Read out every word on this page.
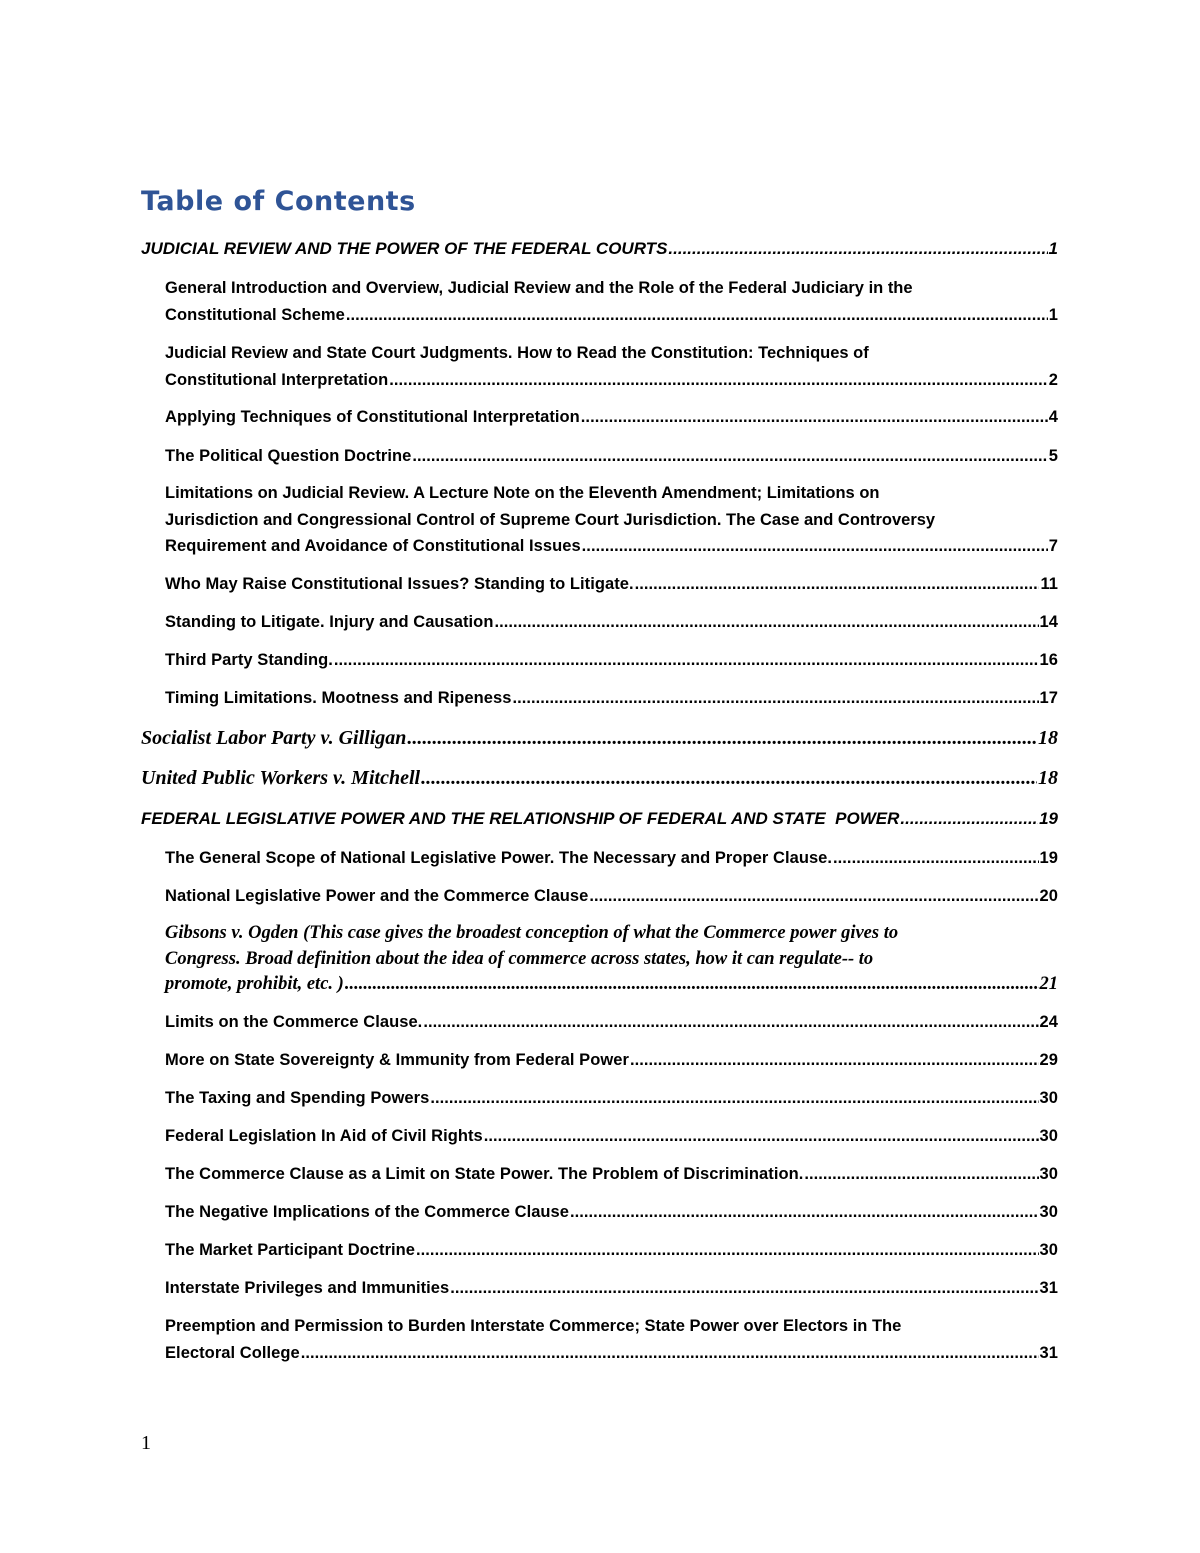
Table of Contents
JUDICIAL REVIEW AND THE POWER OF THE FEDERAL COURTS .....	1
General Introduction and Overview, Judicial Review and the Role of the Federal Judiciary in the
Constitutional Scheme .....	1
Judicial Review and State Court Judgments. How to Read the Constitution: Techniques of
Constitutional Interpretation .....	2
Applying Techniques of Constitutional Interpretation .....	4
The Political Question Doctrine .....	5
Limitations on Judicial Review. A Lecture Note on the Eleventh Amendment; Limitations on
Jurisdiction and Congressional Control of Supreme Court Jurisdiction. The Case and Controversy
Requirement and Avoidance of Constitutional Issues .....	7
Who May Raise Constitutional Issues? Standing to Litigate. .....	11
Standing to Litigate. Injury and Causation .....	14
Third Party Standing. .....	16
Timing Limitations. Mootness and Ripeness .....	17
Socialist Labor Party v. Gilligan .....	18
United Public Workers v. Mitchell .....	18
FEDERAL LEGISLATIVE POWER AND THE RELATIONSHIP OF FEDERAL AND STATE  POWER .....	19
The General Scope of National Legislative Power. The Necessary and Proper Clause. .....	19
National Legislative Power and the Commerce Clause .....	20
Gibsons v. Ogden (This case gives the broadest conception of what the Commerce power gives to
Congress. Broad definition about the idea of commerce across states, how it can regulate-- to
promote, prohibit, etc. ) .....	21
Limits on the Commerce Clause. .....	24
More on State Sovereignty & Immunity from Federal Power .....	29
The Taxing and Spending Powers .....	30
Federal Legislation In Aid of Civil Rights .....	30
The Commerce Clause as a Limit on State Power. The Problem of Discrimination. .....	30
The Negative Implications of the Commerce Clause .....	30
The Market Participant Doctrine .....	30
Interstate Privileges and Immunities .....	31
Preemption and Permission to Burden Interstate Commerce; State Power over Electors in The
Electoral College .....	31
1
